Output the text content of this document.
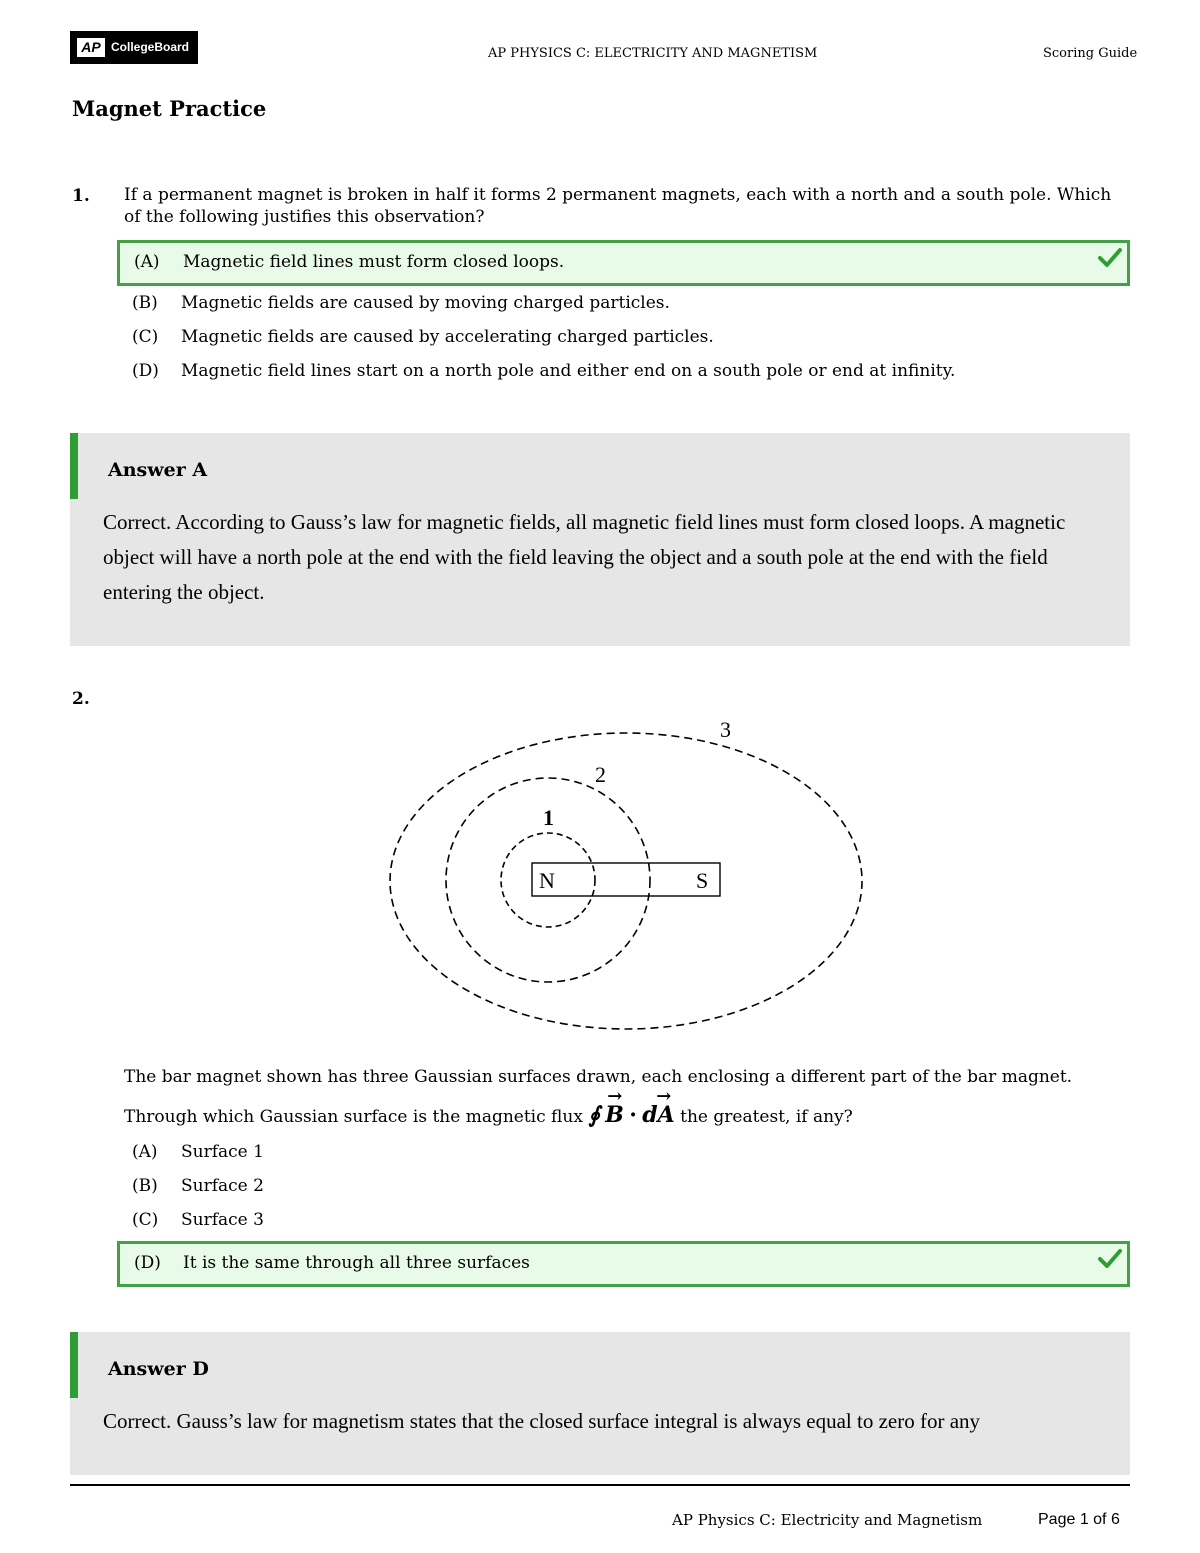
AP CollegeBoard	AP PHYSICS C: ELECTRICITY AND MAGNETISM	Scoring Guide
Magnet Practice
1. If a permanent magnet is broken in half it forms 2 permanent magnets, each with a north and a south pole. Which of the following justifies this observation?
(A) Magnetic field lines must form closed loops.
(B) Magnetic fields are caused by moving charged particles.
(C) Magnetic fields are caused by accelerating charged particles.
(D) Magnetic field lines start on a north pole and either end on a south pole or end at infinity.
Answer A
Correct. According to Gauss’s law for magnetic fields, all magnetic field lines must form closed loops. A magnetic object will have a north pole at the end with the field leaving the object and a south pole at the end with the field entering the object.
2.
N	S
1
2
3
The bar magnet shown has three Gaussian surfaces drawn, each enclosing a different part of the bar magnet.
Through which Gaussian surface is the magnetic flux ∮
→
B ·
→
dA the greatest, if any?
(A) Surface 1
(B) Surface 2
(C) Surface 3
(D) It is the same through all three surfaces
Answer D
Correct. Gauss’s law for magnetism states that the closed surface integral is always equal to zero for any
AP Physics C: Electricity and Magnetism	Page 1 of 6
